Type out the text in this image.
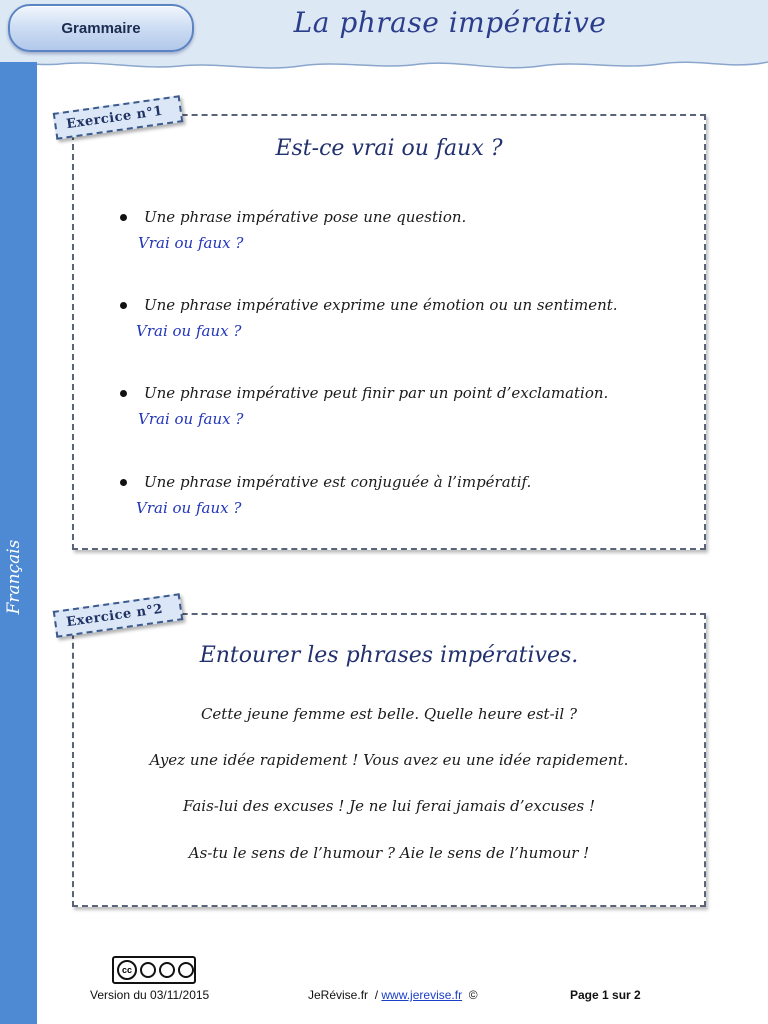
Grammaire	La phrase impérative
Français
Est-ce vrai ou faux ?
Une phrase impérative pose une question.
Vrai ou faux ?
Une phrase impérative exprime une émotion ou un sentiment.
Vrai ou faux ?
Une phrase impérative peut finir par un point d’exclamation.
Vrai ou faux ?
Une phrase impérative est conjuguée à l’impératif.
Vrai ou faux ?
Exercice n°1
Entourer les phrases impératives.
Cette jeune femme est belle. Quelle heure est-il ?
Ayez une idée rapidement ! Vous avez eu une idée rapidement.
Fais-lui des excuses ! Je ne lui ferai jamais d’excuses !
As-tu le sens de l’humour ? Aie le sens de l’humour !
Exercice n°2
cc
Version du 03/11/2015	JeRévise.fr / www.jerevise.fr ©	Page 1 sur 2
